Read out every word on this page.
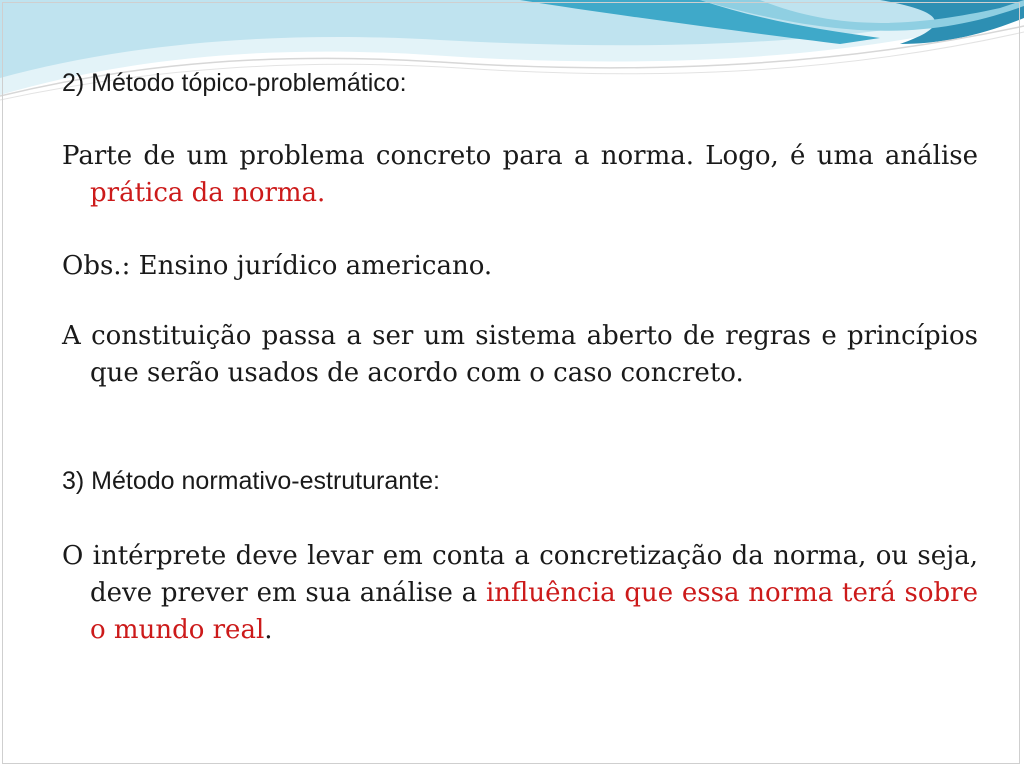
2) Método tópico-problemático:

Parte de um problema concreto para a norma. Logo, é uma análise prática da norma.

Obs.: Ensino jurídico americano.

A constituição passa a ser um sistema aberto de regras e princípios que serão usados de acordo com o caso concreto.

3) Método normativo-estruturante:

O intérprete deve levar em conta a concretização da norma, ou seja, deve prever em sua análise a influência que essa norma terá sobre o mundo real.
